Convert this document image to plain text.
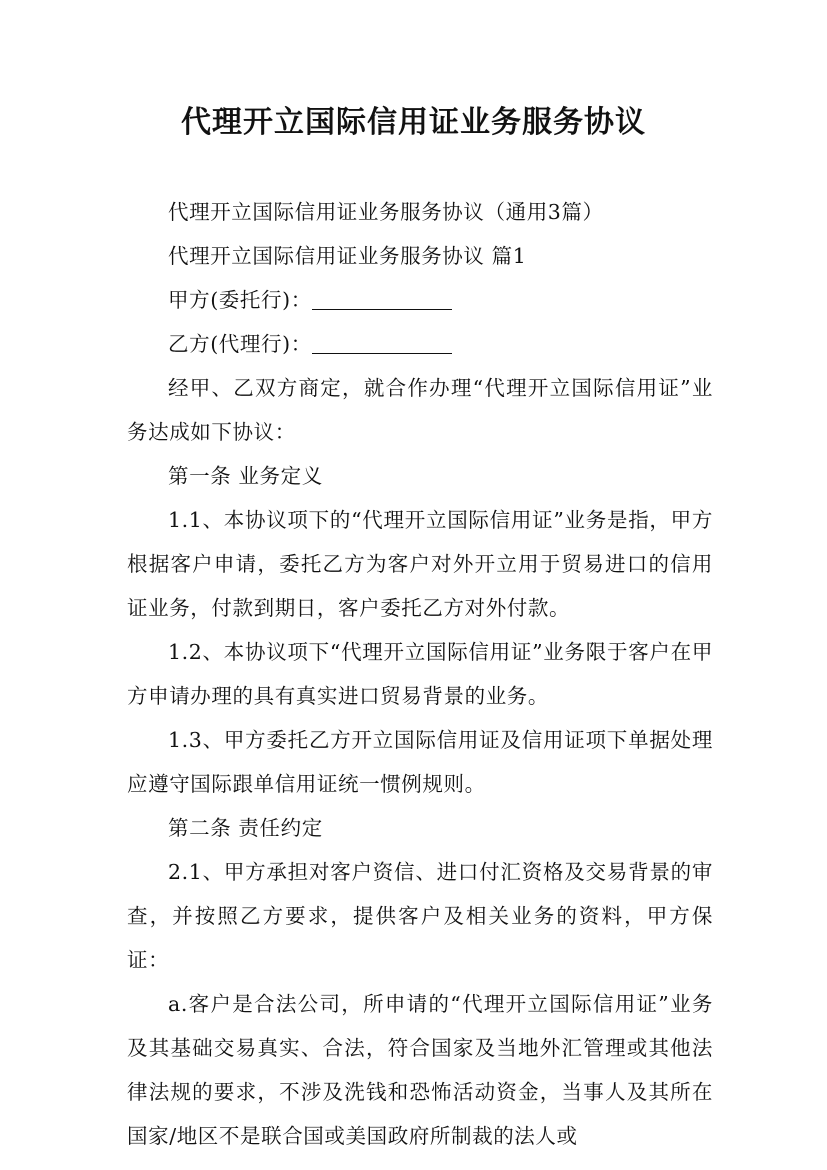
代理开立国际信用证业务服务协议

代理开立国际信用证业务服务协议（通用3篇）

代理开立国际信用证业务服务协议 篇1

甲方(委托行)：

乙方(代理行)：

经甲、乙双方商定，就合作办理“代理开立国际信用证”业务达成如下协议：

第一条 业务定义

1.1、本协议项下的“代理开立国际信用证”业务是指，甲方根据客户申请，委托乙方为客户对外开立用于贸易进口的信用证业务，付款到期日，客户委托乙方对外付款。

1.2、本协议项下“代理开立国际信用证”业务限于客户在甲方申请办理的具有真实进口贸易背景的业务。

1.3、甲方委托乙方开立国际信用证及信用证项下单据处理应遵守国际跟单信用证统一惯例规则。

第二条 责任约定

2.1、甲方承担对客户资信、进口付汇资格及交易背景的审查，并按照乙方要求，提供客户及相关业务的资料，甲方保证：

a.客户是合法公司，所申请的“代理开立国际信用证”业务及其基础交易真实、合法，符合国家及当地外汇管理或其他法律法规的要求，不涉及洗钱和恐怖活动资金，当事人及其所在国家/地区不是联合国或美国政府所制裁的法人或
